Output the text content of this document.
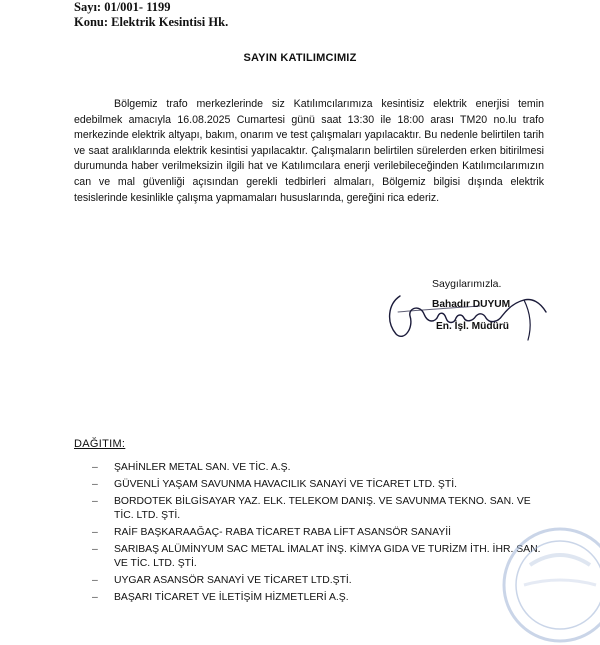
Sayı: 01/001- 1199
Konu: Elektrik Kesintisi Hk.
SAYIN KATILIMCIMIZ
Bölgemiz trafo merkezlerinde siz Katılımcılarımıza kesintisiz elektrik enerjisi temin edebilmek amacıyla 16.08.2025 Cumartesi günü saat 13:30 ile 18:00 arası TM20 no.lu trafo merkezinde elektrik altyapı, bakım, onarım ve test çalışmaları yapılacaktır. Bu nedenle belirtilen tarih ve saat aralıklarında elektrik kesintisi yapılacaktır. Çalışmaların belirtilen sürelerden erken bitirilmesi durumunda haber verilmeksizin ilgili hat ve Katılımcılara enerji verilebileceğinden Katılımcılarımızın can ve mal güvenliği açısından gerekli tedbirleri almaları, Bölgemiz bilgisi dışında elektrik tesislerinde kesinlikle çalışma yapmamaları hususlarında, gereğini rica ederiz.
Saygılarımızla.
Bahadır DUYUM
En. İşl. Müdürü
DAĞITIM:
– ŞAHİNLER METAL SAN. VE TİC. A.Ş.
– GÜVENLİ YAŞAM SAVUNMA HAVACILIK SANAYİ VE TİCARET LTD. ŞTİ.
– BORDOTEK BİLGİSAYAR YAZ. ELK. TELEKOM DANIŞ. VE SAVUNMA TEKNO. SAN. VE TİC. LTD. ŞTİ.
– RAİF BAŞKARAAĞAÇ- RABA TİCARET RABA LİFT ASANSÖR SANAYİİ
– SARIBAŞ ALÜMİNYUM SAC METAL İMALAT İNŞ. KİMYA GIDA VE TURİZM İTH. İHR. SAN. VE TİC. LTD. ŞTİ.
– UYGAR ASANSÖR SANAYİ VE TİCARET LTD.ŞTİ.
– BAŞARI TİCARET VE İLETİŞİM HİZMETLERİ A.Ş.
